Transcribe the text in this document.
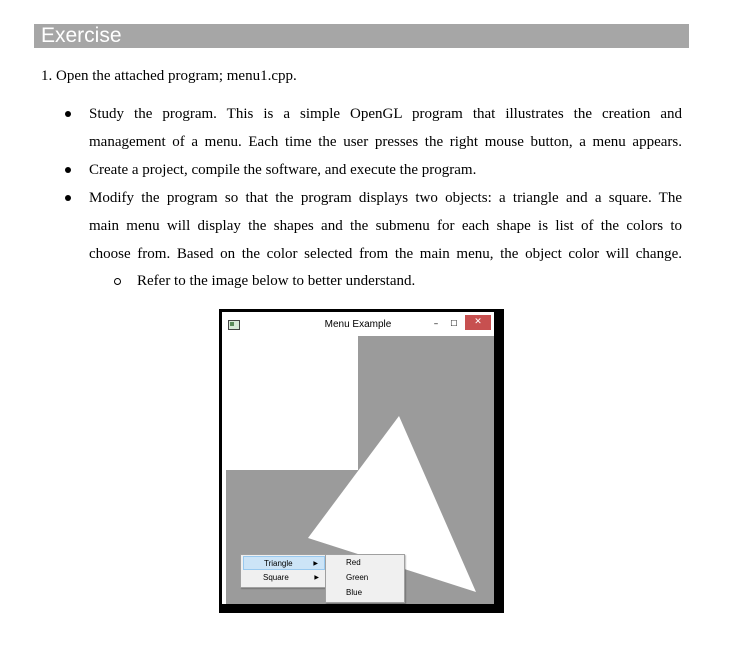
Exercise
1. Open the attached program; menu1.cpp.
Study the program. This is a simple OpenGL program that illustrates the creation and
management of a menu. Each time the user presses the right mouse button, a menu appears.
Create a project, compile the software, and execute the program.
Modify the program so that the program displays two objects: a triangle and a square. The
main menu will display the shapes and the submenu for each shape is list of the colors to
choose from. Based on the color selected from the main menu, the object color will change.
Refer to the image below to better understand.
Menu Example	–	☐	✕
Triangle	▶
Square	▶
Red
Green
Blue
